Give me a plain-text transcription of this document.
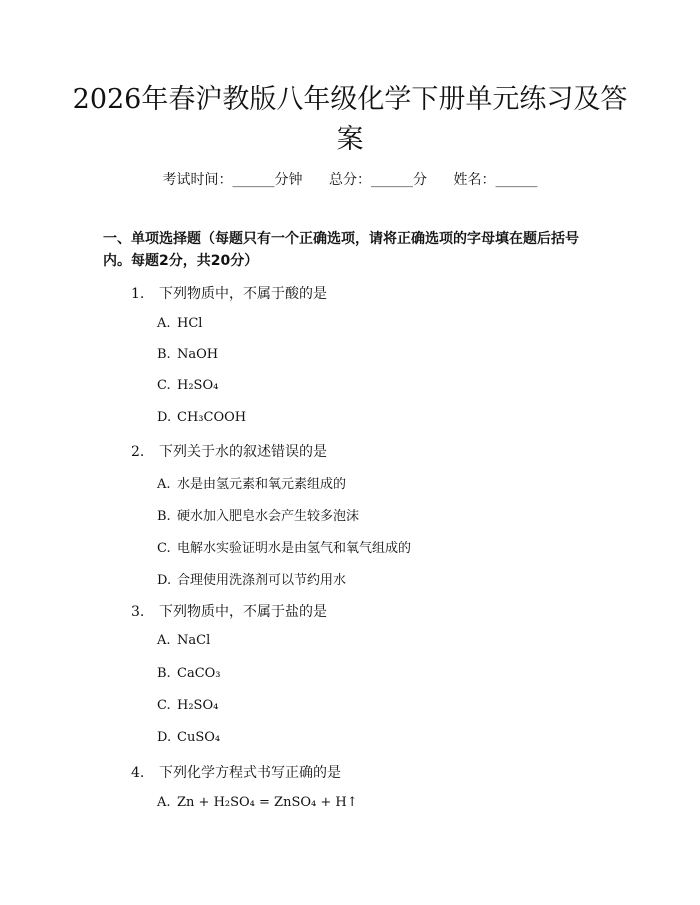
2026年春沪教版八年级化学下册单元练习及答案
考试时间：______分钟 总分：______分 姓名：______

一、单项选择题（每题只有一个正确选项，请将正确选项的字母填在题后括号内。每题2分，共20分）

1. 下列物质中，不属于酸的是
A. HCl
B. NaOH
C. H₂SO₄
D. CH₃COOH
2. 下列关于水的叙述错误的是
A. 水是由氢元素和氧元素组成的
B. 硬水加入肥皂水会产生较多泡沫
C. 电解水实验证明水是由氢气和氧气组成的
D. 合理使用洗涤剂可以节约用水
3. 下列物质中，不属于盐的是
A. NaCl
B. CaCO₃
C. H₂SO₄
D. CuSO₄
4. 下列化学方程式书写正确的是
A. Zn + H₂SO₄ = ZnSO₄ + H↑
